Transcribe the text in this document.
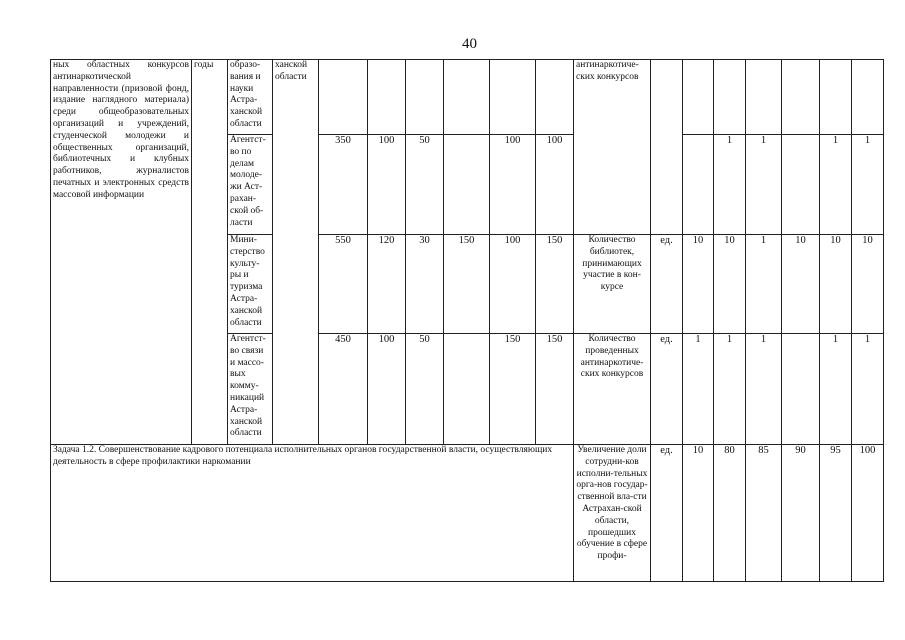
40
ных областных конкурсов антинаркотической направленности (призовой фонд, издание наглядного материала) среди общеобразовательных организаций и учреждений, студенческой молодежи и общественных организаций, библиотечных и клубных работников, журналистов печатных и электронных средств массовой информации	годы	образо-вания и науки Астра-ханской области	ханской области							антинаркотиче-ских конкурсов							
		Агентст-во по делам молоде-жи Аст-рахан-ской об-ласти		350	100	50		100	100				1	1		1	1
		Мини-стерство культу-ры и туризма Астра-ханской области		550	120	30	150	100	150	Количество библиотек, принимающих участие в кон-курсе	ед.	10	10	1	10	10	10
		Агентст-во связи и массо-вых комму-никаций Астра-ханской области		450	100	50		150	150	Количество проведенных антинаркотиче-ских конкурсов	ед.	1	1	1		1	1
Задача 1.2. Совершенствование кадрового потенциала исполнительных органов государственной власти, осуществляющих деятельность в сфере профилактики наркомании										Увеличение доли сотрудни-ков исполни-тельных орга-нов государ-ственной вла-сти Астрахан-ской области, прошедших обучение в сфере профи-	ед.	10	80	85	90	95	100
